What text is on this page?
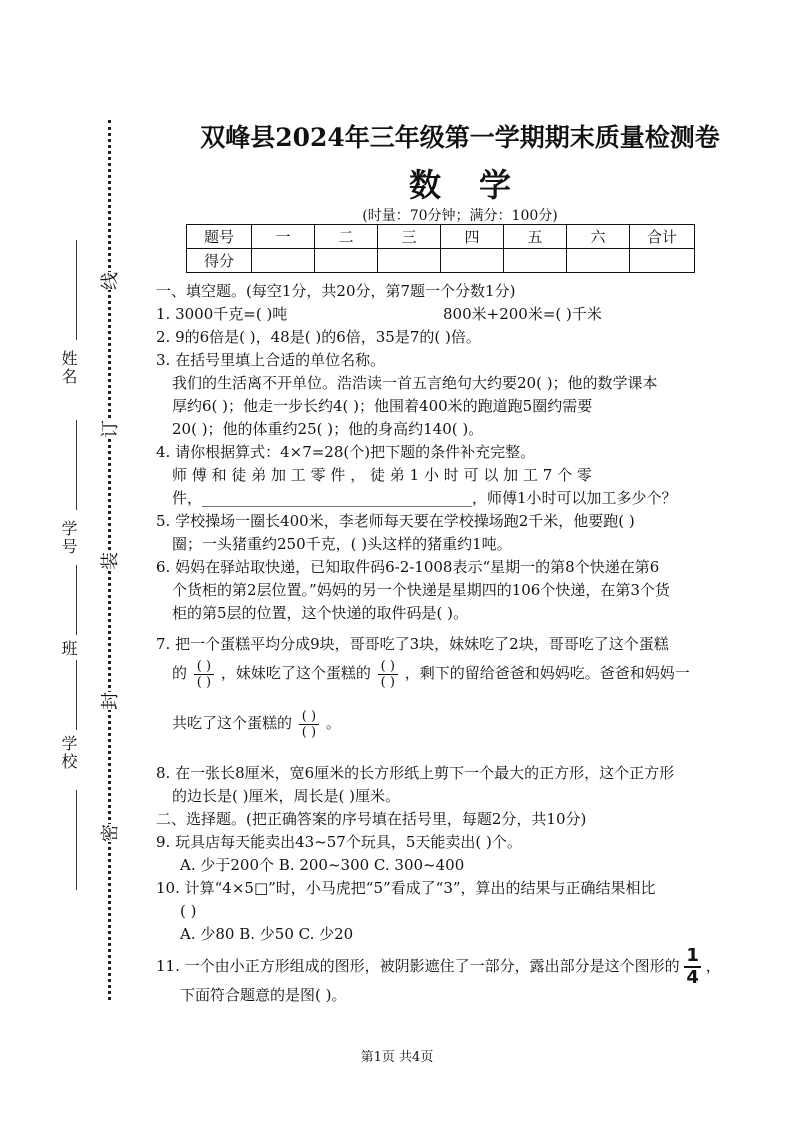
线
订
装
封
密
姓名
学号
班
学校
双峰县2024年三年级第一学期期末质量检测卷
数学
(时量：70分钟；满分：100分)
题号	一	二	三	四	五	六	合计
得分							
一、填空题。(每空1分，共20分，第7题一个分数1分)
1. 3000千克=( )吨	800米+200米=( )千米
2. 9的6倍是( )，48是( )的6倍，35是7的( )倍。
3. 在括号里填上合适的单位名称。
我们的生活离不开单位。浩浩读一首五言绝句大约要20( )；他的数学课本
厚约6( )；他走一步长约4( )；他围着400米的跑道跑5圈约需要
20( )；他的体重约25( )；他的身高约140( )。
4. 请你根据算式：4×7=28(个)把下题的条件补充完整。
师傅和徒弟加工零件，徒弟1小时可以加工7个零
件，____________________________________，师傅1小时可以加工多少个？
5. 学校操场一圈长400米，李老师每天要在学校操场跑2千米，他要跑( )
圈；一头猪重约250千克，( )头这样的猪重约1吨。
6. 妈妈在驿站取快递，已知取件码6-2-1008表示“星期一的第8个快递在第6
个货柜的第2层位置。”妈妈的另一个快递是星期四的106个快递，在第3个货
柜的第5层的位置，这个快递的取件码是( )。
7. 把一个蛋糕平均分成9块，哥哥吃了3块，妹妹吃了2块，哥哥吃了这个蛋糕
的 $\frac{( )}{( )}$ ，妹妹吃了这个蛋糕的 $\frac{( )}{( )}$ ，剩下的留给爸爸和妈妈吃。爸爸和妈妈一
共吃了这个蛋糕的 $\frac{( )}{( )}$ 。
8. 在一张长8厘米，宽6厘米的长方形纸上剪下一个最大的正方形，这个正方形
的边长是( )厘米，周长是( )厘米。
二、选择题。(把正确答案的序号填在括号里，每题2分，共10分)
9. 玩具店每天能卖出43~57个玩具，5天能卖出( )个。
A. 少于200个 B. 200~300 C. 300~400
10. 计算“4×5□”时，小马虎把“5”看成了“3”，算出的结果与正确结果相比
( )
A. 少80 B. 少50 C. 少20
11. 一个由小正方形组成的图形，被阴影遮住了一部分，露出部分是这个图形的 $\frac{1}{4}$ ，
下面符合题意的是图( )。
第1页 共4页
